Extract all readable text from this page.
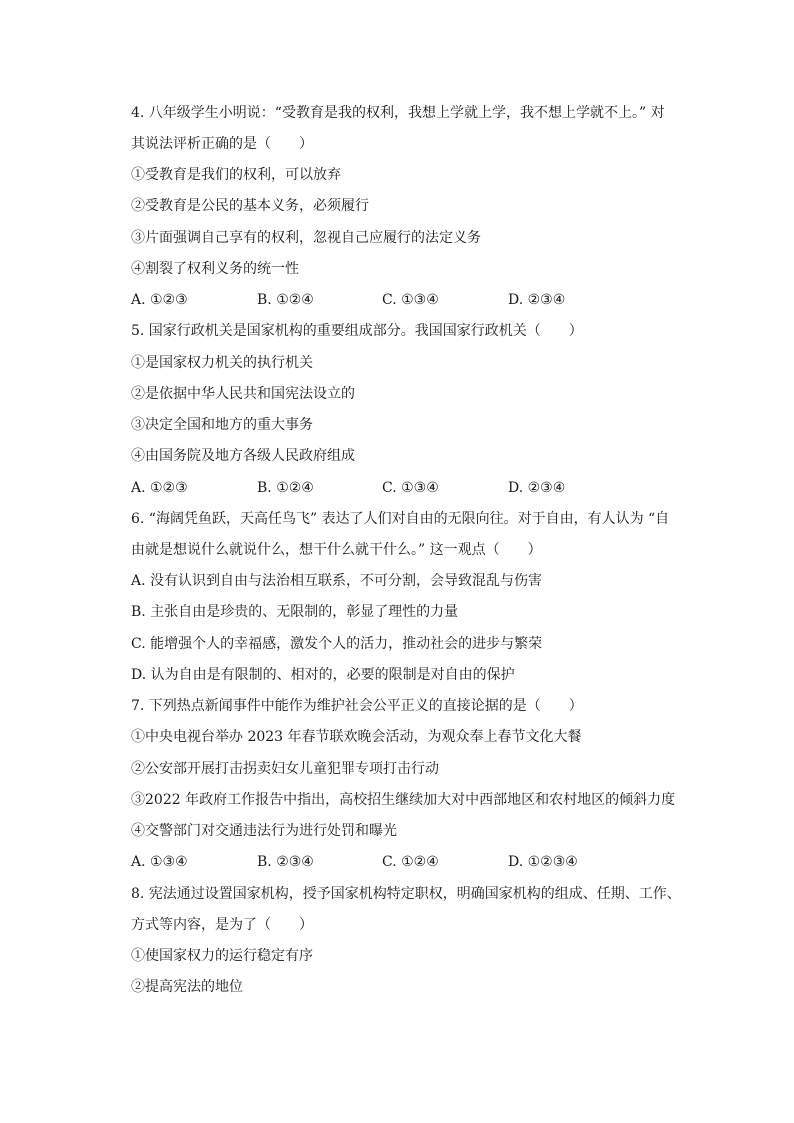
4. 八年级学生小明说：“受教育是我的权利，我想上学就上学，我不想上学就不上。” 对
其说法评析正确的是（　　）
①受教育是我们的权利，可以放弃
②受教育是公民的基本义务，必须履行
③片面强调自己享有的权利，忽视自己应履行的法定义务
④割裂了权利义务的统一性
A. ①②③	B. ①②④	C. ①③④	D. ②③④
5. 国家行政机关是国家机构的重要组成部分。我国国家行政机关（　　）
①是国家权力机关的执行机关
②是依据中华人民共和国宪法设立的
③决定全国和地方的重大事务
④由国务院及地方各级人民政府组成
A. ①②③	B. ①②④	C. ①③④	D. ②③④
6. “海阔凭鱼跃，天高任鸟飞” 表达了人们对自由的无限向往。对于自由，有人认为 “自
由就是想说什么就说什么，想干什么就干什么。” 这一观点（　　）
A. 没有认识到自由与法治相互联系，不可分割，会导致混乱与伤害
B. 主张自由是珍贵的、无限制的，彰显了理性的力量
C. 能增强个人的幸福感，激发个人的活力，推动社会的进步与繁荣
D. 认为自由是有限制的、相对的，必要的限制是对自由的保护
7. 下列热点新闻事件中能作为维护社会公平正义的直接论据的是（　　）
①中央电视台举办 2023 年春节联欢晚会活动，为观众奉上春节文化大餐
②公安部开展打击拐卖妇女儿童犯罪专项打击行动
③2022 年政府工作报告中指出，高校招生继续加大对中西部地区和农村地区的倾斜力度
④交警部门对交通违法行为进行处罚和曝光
A. ①③④	B. ②③④	C. ①②④	D. ①②③④
8. 宪法通过设置国家机构，授予国家机构特定职权，明确国家机构的组成、任期、工作、
方式等内容，是为了（　　）
①使国家权力的运行稳定有序
②提高宪法的地位
